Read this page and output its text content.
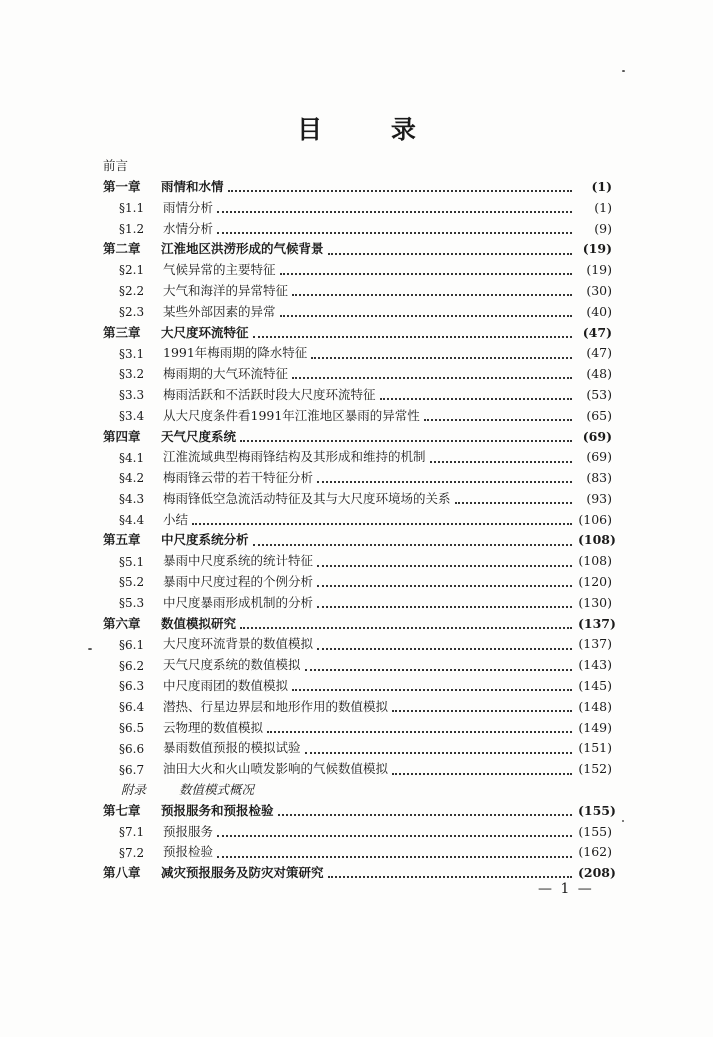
目 录
前言
第一章	雨情和水情	(1)
§1.1	雨情分析	(1)
§1.2	水情分析	(9)
第二章	江淮地区洪涝形成的气候背景	(19)
§2.1	气候异常的主要特征	(19)
§2.2	大气和海洋的异常特征	(30)
§2.3	某些外部因素的异常	(40)
第三章	大尺度环流特征	(47)
§3.1	1991年梅雨期的降水特征	(47)
§3.2	梅雨期的大气环流特征	(48)
§3.3	梅雨活跃和不活跃时段大尺度环流特征	(53)
§3.4	从大尺度条件看1991年江淮地区暴雨的异常性	(65)
第四章	天气尺度系统	(69)
§4.1	江淮流域典型梅雨锋结构及其形成和维持的机制	(69)
§4.2	梅雨锋云带的若干特征分析	(83)
§4.3	梅雨锋低空急流活动特征及其与大尺度环境场的关系	(93)
§4.4	小结	(106)
第五章	中尺度系统分析	(108)
§5.1	暴雨中尺度系统的统计特征	(108)
§5.2	暴雨中尺度过程的个例分析	(120)
§5.3	中尺度暴雨形成机制的分析	(130)
第六章	数值模拟研究	(137)
§6.1	大尺度环流背景的数值模拟	(137)
§6.2	天气尺度系统的数值模拟	(143)
§6.3	中尺度雨团的数值模拟	(145)
§6.4	潜热、行星边界层和地形作用的数值模拟	(148)
§6.5	云物理的数值模拟	(149)
§6.6	暴雨数值预报的模拟试验	(151)
§6.7	油田大火和火山喷发影响的气候数值模拟	(152)
附录	数值模式概况
第七章	预报服务和预报检验	(155)
§7.1	预报服务	(155)
§7.2	预报检验	(162)
第八章	减灾预报服务及防灾对策研究	(208)
— 1 —
